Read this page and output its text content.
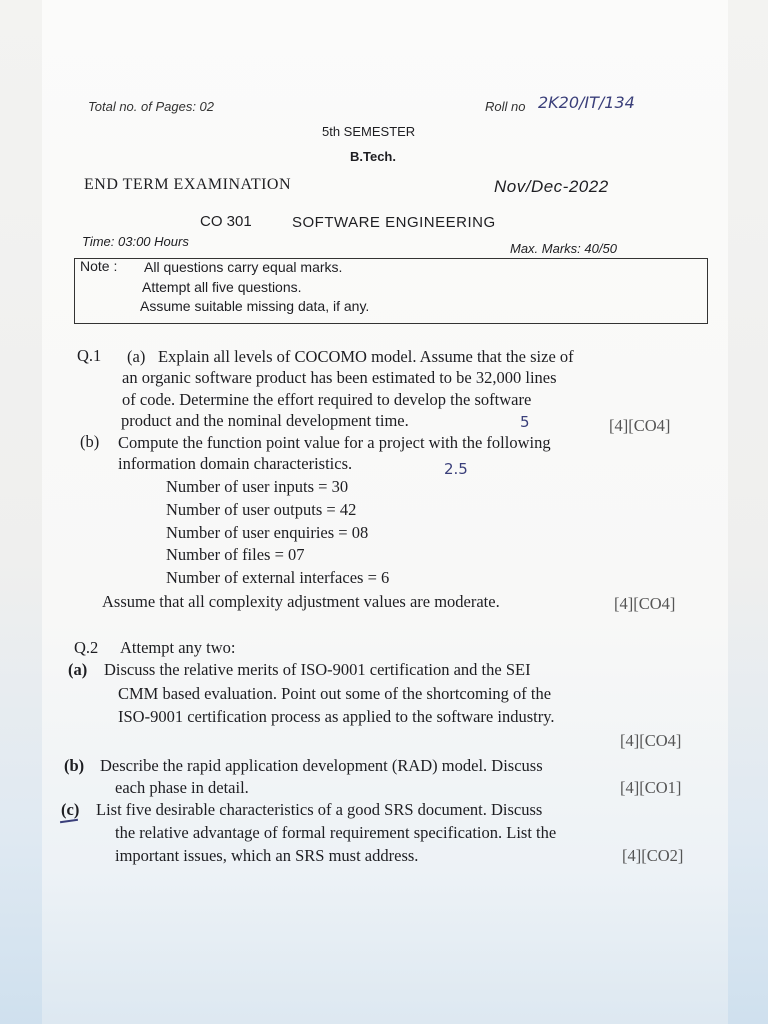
Total no. of Pages: 02	Roll no 2K20/IT/134

5th SEMESTER

B.Tech.

END TERM EXAMINATION	Nov/Dec-2022

CO 301	SOFTWARE ENGINEERING

Time: 03:00 Hours	Max. Marks: 40/50

Note : All questions carry equal marks.

Attempt all five questions.

Assume suitable missing data, if any.

Q.1 (a) Explain all levels of COCOMO model. Assume that the size of

an organic software product has been estimated to be 32,000 lines

of code. Determine the effort required to develop the software

product and the nominal development time.	5	[4][CO4]

(b) Compute the function point value for a project with the following

information domain characteristics.	2.5

Number of user inputs = 30

Number of user outputs = 42

Number of user enquiries = 08

Number of files = 07

Number of external interfaces = 6

Assume that all complexity adjustment values are moderate.	[4][CO4]

Q.2 Attempt any two:

(a) Discuss the relative merits of ISO-9001 certification and the SEI

CMM based evaluation. Point out some of the shortcoming of the

ISO-9001 certification process as applied to the software industry.

[4][CO4]

(b) Describe the rapid application development (RAD) model. Discuss

each phase in detail.	[4][CO1]

(c) List five desirable characteristics of a good SRS document. Discuss

the relative advantage of formal requirement specification. List the

important issues, which an SRS must address.	[4][CO2]
